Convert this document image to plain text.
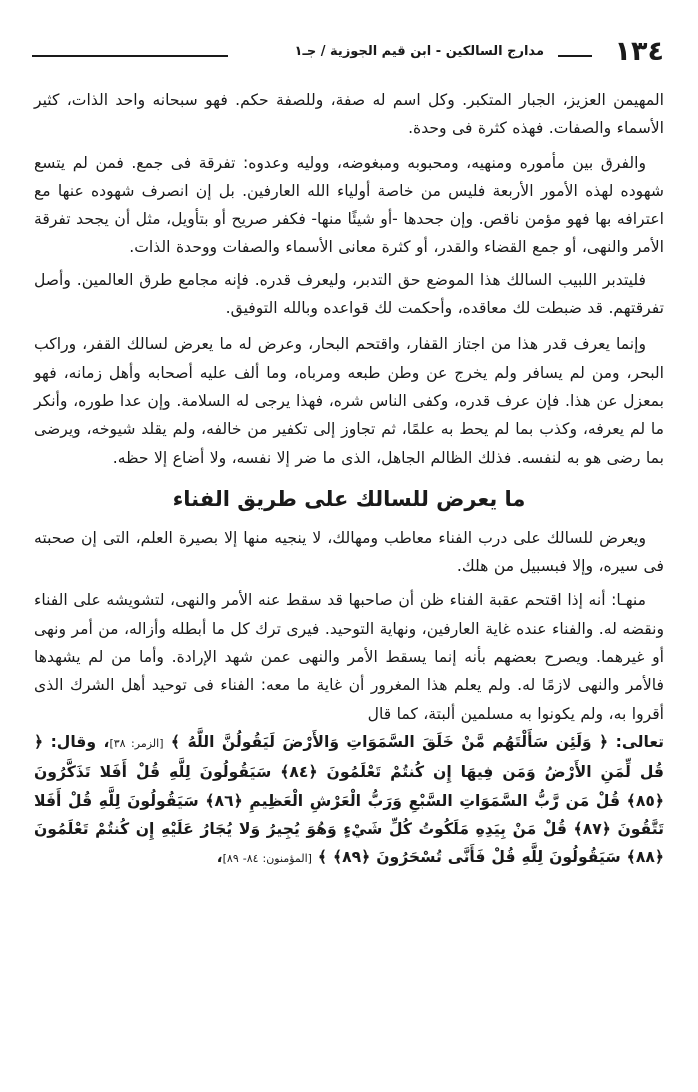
١٣٤
مدارج السالكين - ابن قيم الجوزية / جـ١

المهيمن العزيز، الجبار المتكبر. وكل اسم له صفة، وللصفة حكم. فهو سبحانه واحد الذات، كثير الأسماء والصفات. فهذه كثرة فى وحدة.

والفرق بين مأموره ومنهيه، ومحبوبه ومبغوضه، ووليه وعدوه: تفرقة فى جمع. فمن لم يتسع شهوده لهذه الأمور الأربعة فليس من خاصة أولياء الله العارفين. بل إن انصرف شهوده عنها مع اعترافه بها فهو مؤمن ناقص. وإن جحدها -أو شيئًا منها- فكفر صريح أو بتأويل، مثل أن يجحد تفرقة الأمر والنهى، أو جمع القضاء والقدر، أو كثرة معانى الأسماء والصفات ووحدة الذات.

فليتدبر اللبيب السالك هذا الموضع حق التدبر، وليعرف قدره. فإنه مجامع طرق العالمين. وأصل تفرقتهم. قد ضبطت لك معاقده، وأحكمت لك قواعده وبالله التوفيق.

وإنما يعرف قدر هذا من اجتاز القفار، واقتحم البحار، وعرض له ما يعرض لسالك القفر، وراكب البحر، ومن لم يسافر ولم يخرج عن وطن طبعه ومرباه، وما ألف عليه أصحابه وأهل زمانه، فهو بمعزل عن هذا. فإن عرف قدره، وكفى الناس شره، فهذا يرجى له السلامة. وإن عدا طوره، وأنكر ما لم يعرفه، وكذب بما لم يحط به علمًا، ثم تجاوز إلى تكفير من خالفه، ولم يقلد شيوخه، ويرضى بما رضى هو به لنفسه. فذلك الظالم الجاهل، الذى ما ضر إلا نفسه، ولا أضاع إلا حظه.

ما يعرض للسالك على طريق الفناء

ويعرض للسالك على درب الفناء معاطب ومهالك، لا ينجيه منها إلا بصيرة العلم، التى إن صحبته فى سيره، وإلا فبسبيل من هلك.

منهـا: أنه إذا اقتحم عقبة الفناء ظن أن صاحبها قد سقط عنه الأمر والنهى، لتشويشه على الفناء ونقضه له. والفناء عنده غاية العارفين، ونهاية التوحيد. فيرى ترك كل ما أبطله وأزاله، من أمر ونهى أو غيرهما. ويصرح بعضهم بأنه إنما يسقط الأمر والنهى عمن شهد الإرادة. وأما من لم يشهدها فالأمر والنهى لازمًا له. ولم يعلم هذا المغرور أن غاية ما معه: الفناء فى توحيد أهل الشرك الذى أقروا به، ولم يكونوا به مسلمين ألبتة، كما قال

تعالى: ﴿ وَلَئِن سَأَلْتَهُم مَّنْ خَلَقَ السَّمَوَاتِ وَالأَرْضَ لَيَقُولُنَّ اللَّهُ ﴾ [الزمر: ٣٨]، وقال: ﴿ قُل لِّمَنِ الأَرْضُ وَمَن فِيهَا إِن كُنتُمْ تَعْلَمُونَ ﴿٨٤﴾ سَيَقُولُونَ لِلَّهِ قُلْ أَفَلا تَذَكَّرُونَ ﴿٨٥﴾ قُلْ مَن رَّبُّ السَّمَوَاتِ السَّبْعِ وَرَبُّ الْعَرْشِ الْعَظِيمِ ﴿٨٦﴾ سَيَقُولُونَ لِلَّهِ قُلْ أَفَلا تَتَّقُونَ ﴿٨٧﴾ قُلْ مَنْ بِيَدِهِ مَلَكُوتُ كُلِّ شَيْءٍ وَهُوَ يُجِيرُ وَلا يُجَارُ عَلَيْهِ إِن كُنتُمْ تَعْلَمُونَ ﴿٨٨﴾ سَيَقُولُونَ لِلَّهِ قُلْ فَأَنَّى تُسْحَرُونَ ﴿٨٩﴾ ﴾ [المؤمنون: ٨٤- ٨٩]،
